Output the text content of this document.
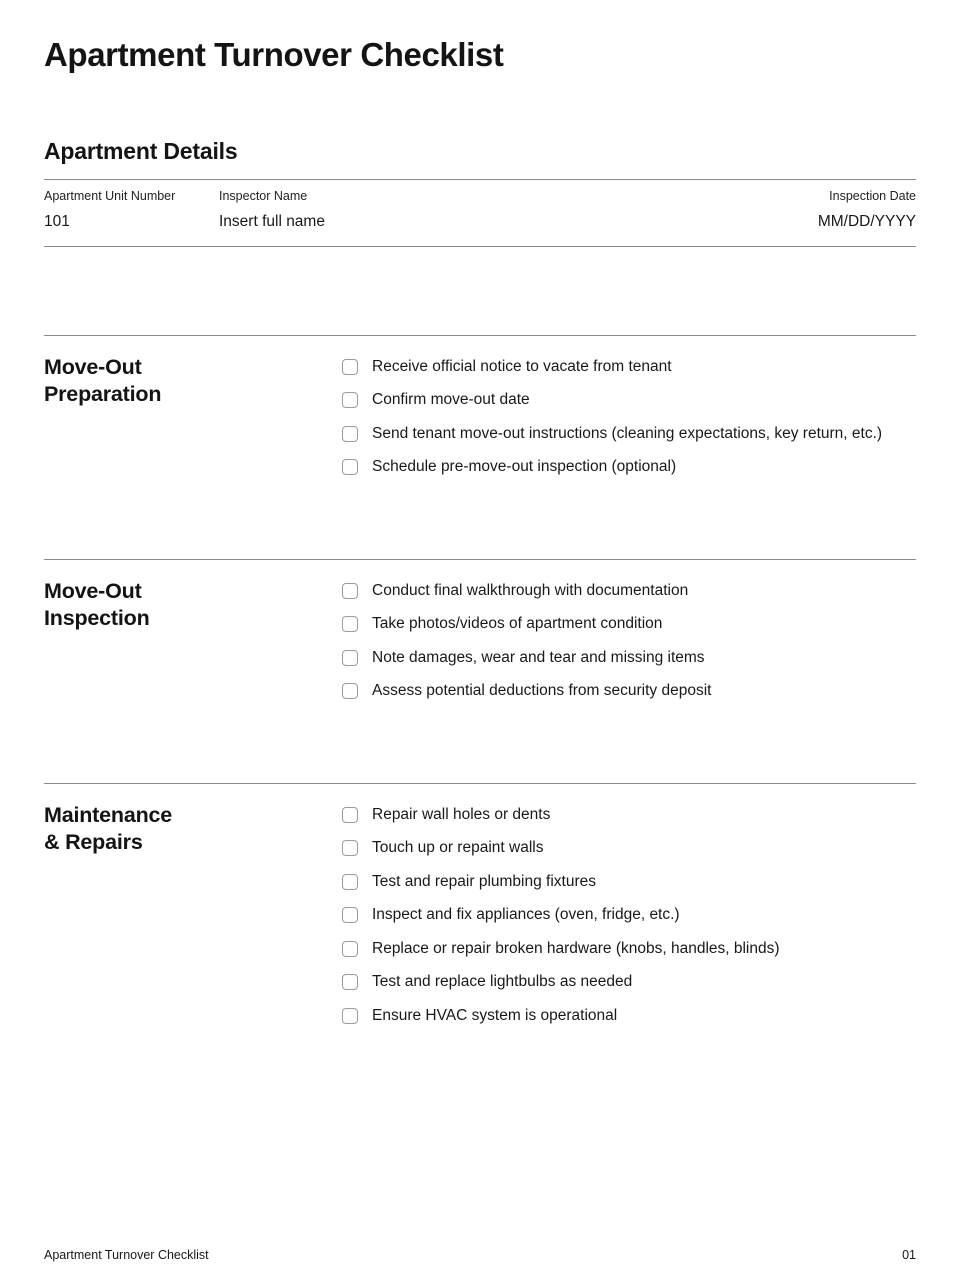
Apartment Turnover Checklist
Apartment Details
Apartment Unit Number	Inspector Name	Inspection Date
101	Insert full name	MM/DD/YYYY
Move-Out
Preparation
Receive official notice to vacate from tenant
Confirm move-out date
Send tenant move-out instructions (cleaning expectations, key return, etc.)
Schedule pre-move-out inspection (optional)
Move-Out
Inspection
Conduct final walkthrough with documentation
Take photos/videos of apartment condition
Note damages, wear and tear and missing items
Assess potential deductions from security deposit
Maintenance
& Repairs
Repair wall holes or dents
Touch up or repaint walls
Test and repair plumbing fixtures
Inspect and fix appliances (oven, fridge, etc.)
Replace or repair broken hardware (knobs, handles, blinds)
Test and replace lightbulbs as needed
Ensure HVAC system is operational
Apartment Turnover Checklist	01
